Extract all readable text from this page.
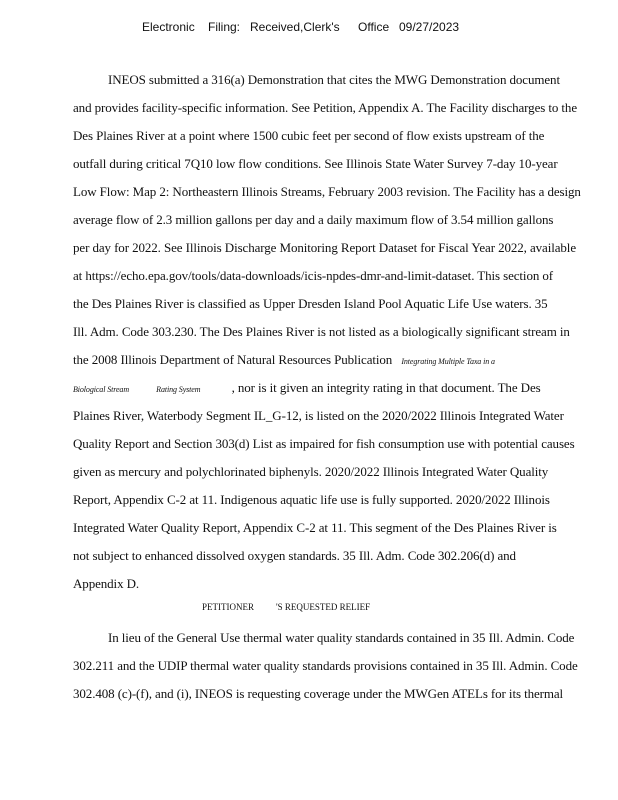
Electronic Filing: Received,Clerk's Office 09/27/2023
INEOS submitted a 316(a) Demonstration that cites the MWG Demonstration document
and provides facility-specific information. See Petition, Appendix A. The Facility discharges to the
Des Plaines River at a point where 1500 cubic feet per second of flow exists upstream of the
outfall during critical 7Q10 low flow conditions. See Illinois State Water Survey 7-day 10-year
Low Flow: Map 2: Northeastern Illinois Streams, February 2003 revision. The Facility has a design
average flow of 2.3 million gallons per day and a daily maximum flow of 3.54 million gallons
per day for 2022. See Illinois Discharge Monitoring Report Dataset for Fiscal Year 2022, available
at https://echo.epa.gov/tools/data-downloads/icis-npdes-dmr-and-limit-dataset. This section of
the Des Plaines River is classified as Upper Dresden Island Pool Aquatic Life Use waters. 35
Ill. Adm. Code 303.230. The Des Plaines River is not listed as a biologically significant stream in
the 2008 Illinois Department of Natural Resources Publication Integrating Multiple Taxa in a
Biological Stream	Rating System , nor is it given an integrity rating in that document. The Des
Plaines River, Waterbody Segment IL_G-12, is listed on the 2020/2022 Illinois Integrated Water
Quality Report and Section 303(d) List as impaired for fish consumption use with potential causes
given as mercury and polychlorinated biphenyls. 2020/2022 Illinois Integrated Water Quality
Report, Appendix C-2 at 11. Indigenous aquatic life use is fully supported. 2020/2022 Illinois
Integrated Water Quality Report, Appendix C-2 at 11. This segment of the Des Plaines River is
not subject to enhanced dissolved oxygen standards. 35 Ill. Adm. Code 302.206(d) and
Appendix D.
PETITIONER 'S REQUESTED RELIEF
In lieu of the General Use thermal water quality standards contained in 35 Ill. Admin. Code
302.211 and the UDIP thermal water quality standards provisions contained in 35 Ill. Admin. Code
302.408 (c)-(f), and (i), INEOS is requesting coverage under the MWGen ATELs for its thermal
